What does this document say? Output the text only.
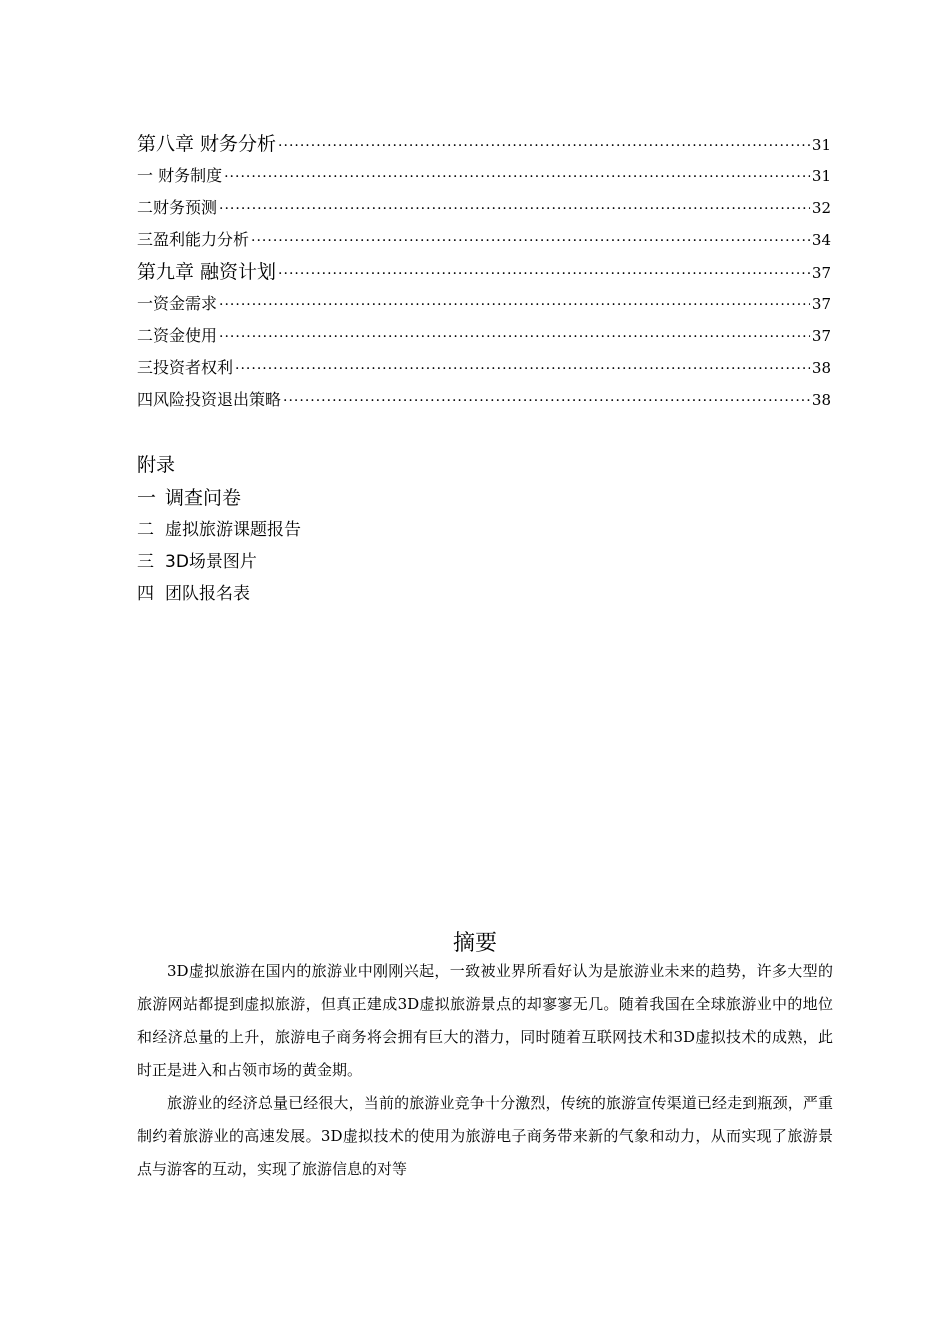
第八章 财务分析 ·····	31
一 财务制度 ·····	31
二财务预测 ·····	32
三盈利能力分析 ·····	34
第九章 融资计划 ·····	37
一资金需求 ·····	37
二资金使用 ·····	37
三投资者权利 ·····	38
四风险投资退出策略 ·····	38
附录
一 调查问卷
二 虚拟旅游课题报告
三 3D场景图片
四 团队报名表
摘要

3D虚拟旅游在国内的旅游业中刚刚兴起，一致被业界所看好认为是旅游业未来的趋势，许多大型的旅游网站都提到虚拟旅游，但真正建成3D虚拟旅游景点的却寥寥无几。随着我国在全球旅游业中的地位和经济总量的上升，旅游电子商务将会拥有巨大的潜力，同时随着互联网技术和3D虚拟技术的成熟，此时正是进入和占领市场的黄金期。

旅游业的经济总量已经很大，当前的旅游业竞争十分激烈，传统的旅游宣传渠道已经走到瓶颈，严重制约着旅游业的高速发展。3D虚拟技术的使用为旅游电子商务带来新的气象和动力，从而实现了旅游景点与游客的互动，实现了旅游信息的对等
